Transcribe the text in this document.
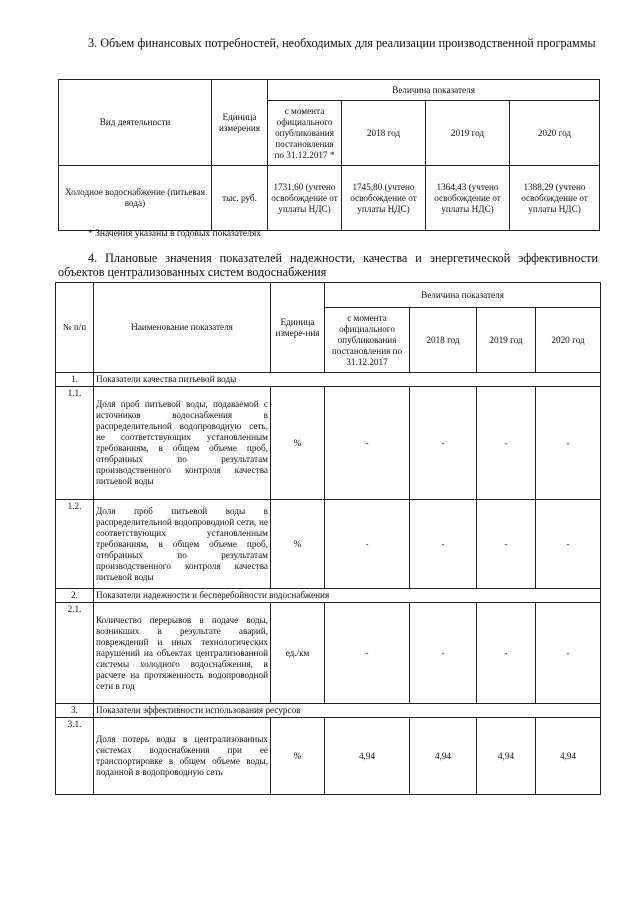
3. Объем финансовых потребностей, необходимых для реализации производственной программы
Вид деятельности	Единица измерения	Величина показателя			
		с момента официального опубликования постановления по 31.12.2017 *	2018 год	2019 год	2020 год
Холодное водоснабжение (питьевая вода)	тыс. руб.	1731,60 (учтено освобождение от уплаты НДС)	1745,80 (учтено освобождение от уплаты НДС)	1364,43 (учтено освобождение от уплаты НДС)	1388,29 (учтено освобождение от уплаты НДС)
* Значения указаны в годовых показателях
4. Плановые значения показателей надежности, качества и энергетической эффективности объектов централизованных систем водоснабжения
№ п/п	Наименование показателя	Единица измере-ния	Величина показателя			
			с момента официального опубликования постановления по 31.12.2017	2018 год	2019 год	2020 год
1.	Показатели качества питьевой воды					
1.1.	Доля проб питьевой воды, подаваемой с источников водоснабжения в распределительной водопроводную сеть, не соответствующих установленным требованиям, в общем объеме проб, отобранных по результатам производственного контроля качества питьевой воды	%	-	-	-	-
1.2.	Доля проб питьевой воды в распределительной водопроводной сети, не соответствующих установленным требованиям, в общем объеме проб, отобранных по результатам производственного контроля качества питьевой воды	%	-	-	-	-
2.	Показатели надежности и бесперебойности водоснабжения					
2.1.	Количество перерывов в подаче воды, возникших в результате аварий, повреждений и иных технологических нарушений на объектах централизованной системы холодного водоснабжения, в расчете на протяженность водопроводной сети в год	ед./км	-	-	-	-
3.	Показатели эффективности использования ресурсов					
3.1.	Доля потерь воды в централизованных системах водоснабжения при ее транспортировке в общем объеме воды, поданной в водопроводную сеть	%	4,94	4,94	4,94	4,94
